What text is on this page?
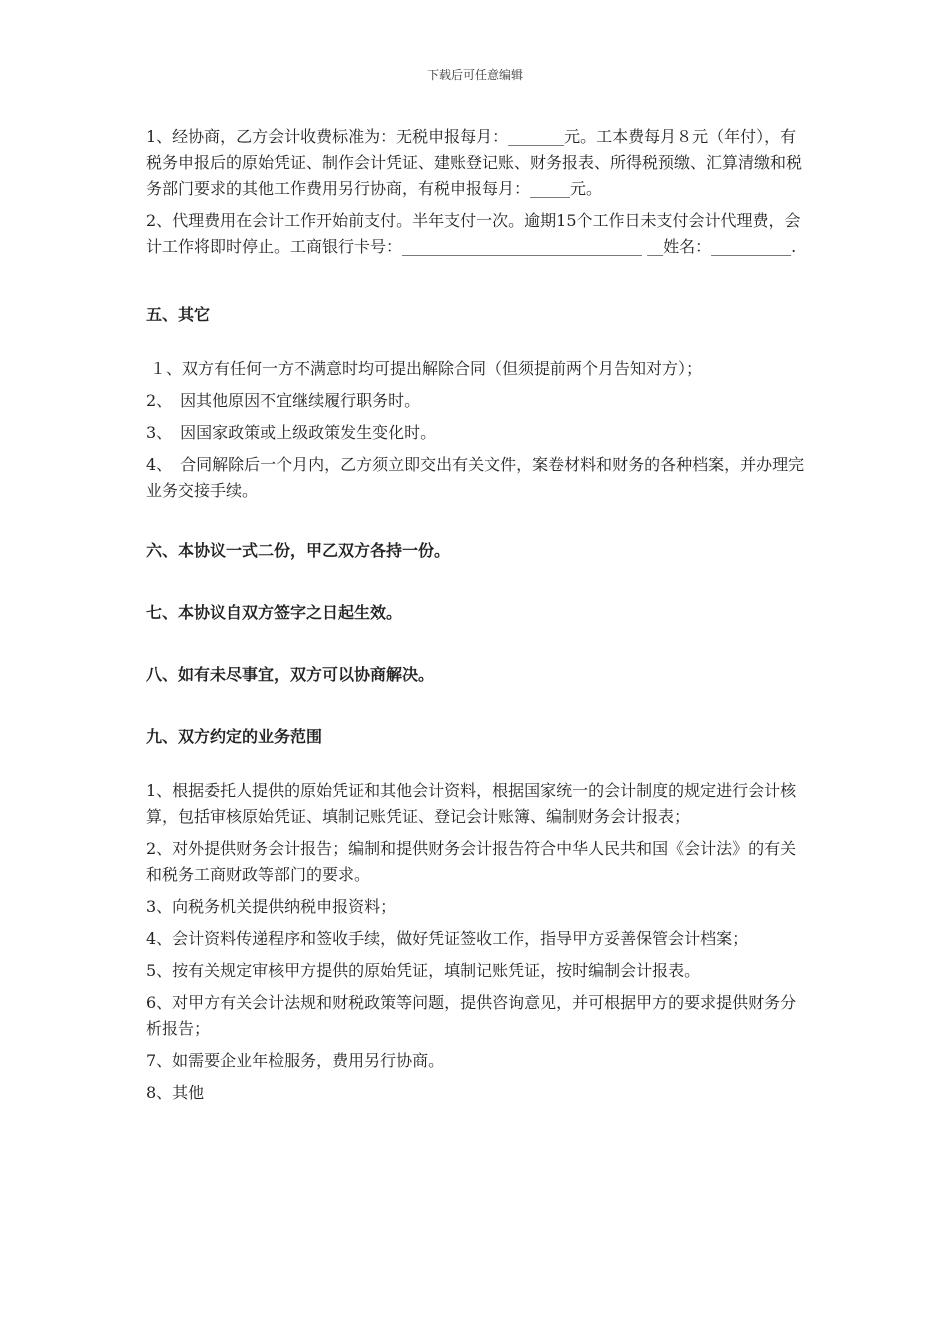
下载后可任意编辑

1、经协商，乙方会计收费标准为：无税申报每月：_______元。工本费每月８元（年付），有税务申报后的原始凭证、制作会计凭证、建账登记账、财务报表、所得税预缴、汇算清缴和税务部门要求的其他工作费用另行协商，有税申报每月：_____元。

2、代理费用在会计工作开始前支付。半年支付一次。逾期15个工作日未支付会计代理费，会计工作将即时停止。工商银行卡号：______________________________ __姓名：__________.

五、其它

１、双方有任何一方不满意时均可提出解除合同（但须提前两个月告知对方）；

2、　因其他原因不宜继续履行职务时。

3、　因国家政策或上级政策发生变化时。

4、　合同解除后一个月内，乙方须立即交出有关文件，案卷材料和财务的各种档案，并办理完业务交接手续。

六、本协议一式二份，甲乙双方各持一份。

七、本协议自双方签字之日起生效。

八、如有未尽事宜，双方可以协商解决。

九、双方约定的业务范围

1、根据委托人提供的原始凭证和其他会计资料，根据国家统一的会计制度的规定进行会计核算，包括审核原始凭证、填制记账凭证、登记会计账簿、编制财务会计报表；

2、对外提供财务会计报告；编制和提供财务会计报告符合中华人民共和国《会计法》的有关 和税务工商财政等部门的要求。

3、向税务机关提供纳税申报资料；

4、会计资料传递程序和签收手续，做好凭证签收工作，指导甲方妥善保管会计档案；

5、按有关规定审核甲方提供的原始凭证，填制记账凭证，按时编制会计报表。

6、对甲方有关会计法规和财税政策等问题，提供咨询意见，并可根据甲方的要求提供财务分析报告；

7、如需要企业年检服务，费用另行协商。

8、其他
